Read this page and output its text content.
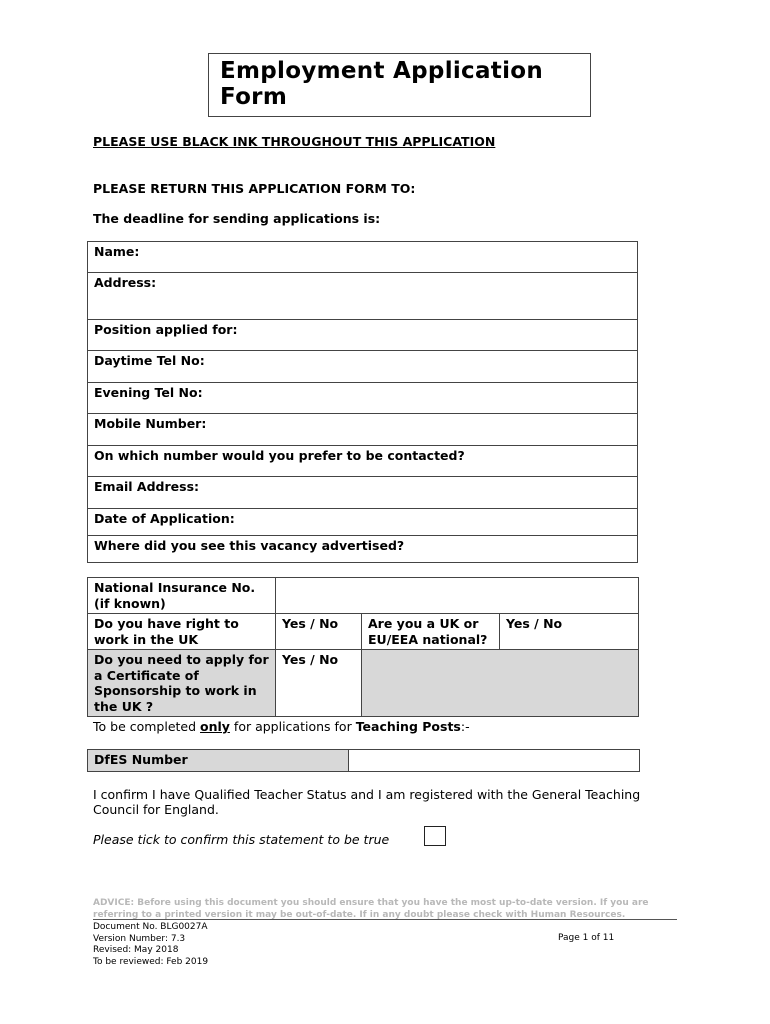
Employment Application Form
PLEASE USE BLACK INK THROUGHOUT THIS APPLICATION
PLEASE RETURN THIS APPLICATION FORM TO:
The deadline for sending applications is:
Name:
Address:
Position applied for:
Daytime Tel No:
Evening Tel No:
Mobile Number:
On which number would you prefer to be contacted?
Email Address:
Date of Application:
Where did you see this vacancy advertised?
National Insurance No. (if known)			
Do you have right to work in the UK	Yes / No	Are you a UK or EU/EEA national?	Yes / No
Do you need to apply for a Certificate of Sponsorship to work in the UK ?	Yes / No		
To be completed only for applications for Teaching Posts:-
DfES Number	
I confirm I have Qualified Teacher Status and I am registered with the General Teaching Council for England.
Please tick to confirm this statement to be true
ADVICE: Before using this document you should ensure that you have the most up-to-date version. If you are referring to a printed version it may be out-of-date. If in any doubt please check with Human Resources.
Document No. BLG0027A
Version Number: 7.3
Revised: May 2018
To be reviewed: Feb 2019
Page 1 of 11
